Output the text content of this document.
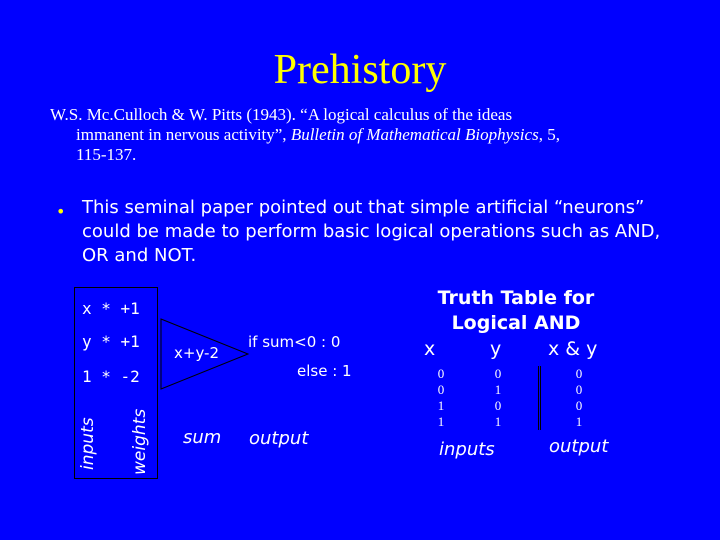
Prehistory
W.S. Mc.Culloch & W. Pitts (1943). “A logical calculus of the ideas
immanent in nervous activity”, Bulletin of Mathematical Biophysics, 5,
115-137.
• This seminal paper pointed out that simple artificial “neurons” could be made to perform basic logical operations such as AND, OR and NOT.
x * +1
y * +1
1 * -2
inputs weights
x+y-2
if sum<0 : 0
else : 1
sum output
Truth Table for Logical AND
x	y x & y
0	0	0
0	1	0
1	0	0
1	1	1
inputs	output
